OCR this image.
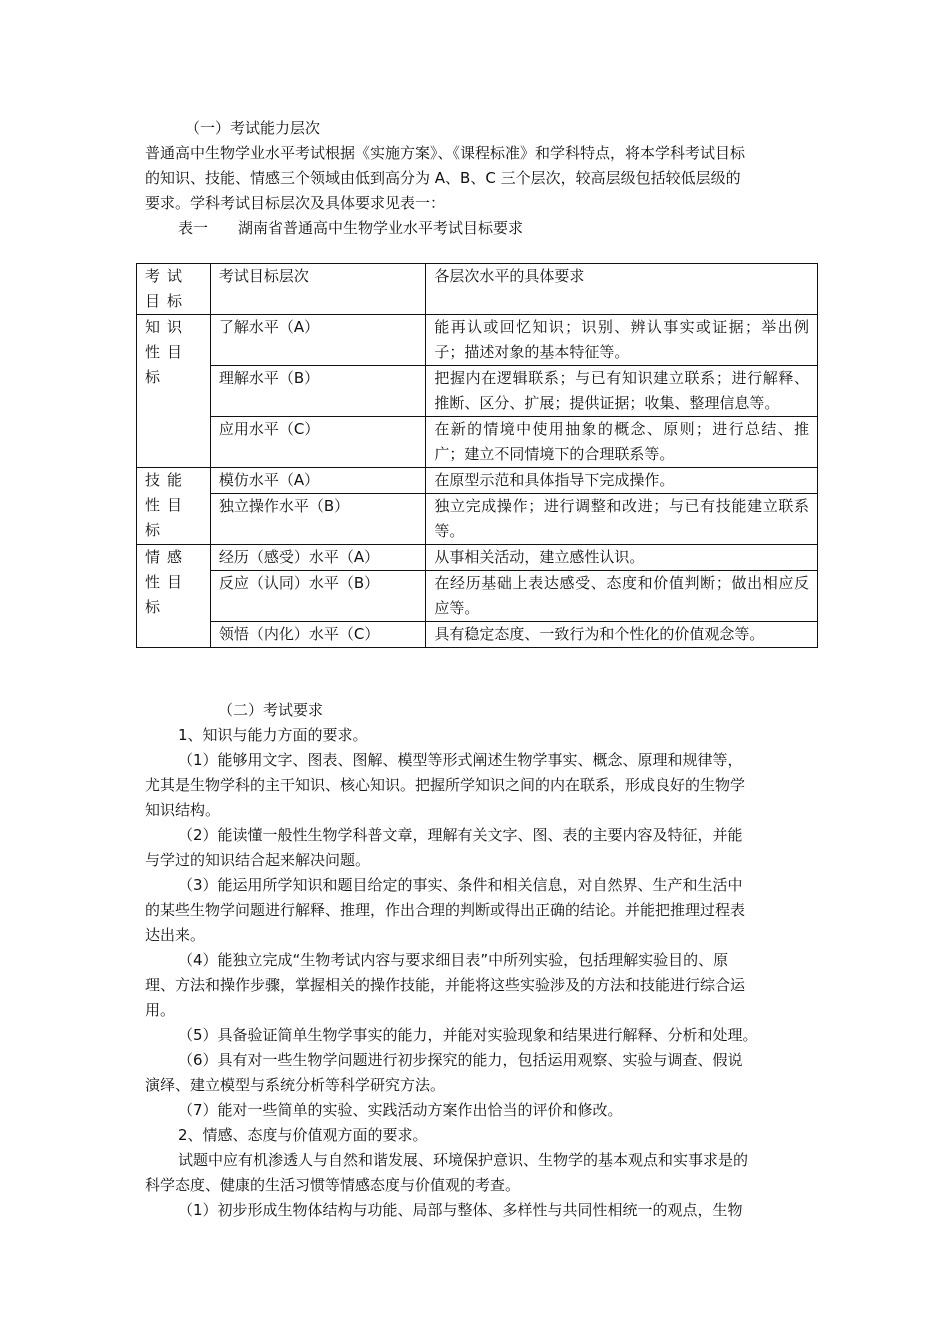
（一）考试能力层次
普通高中生物学业水平考试根据《实施方案》、《课程标准》和学科特点，将本学科考试目标
的知识、技能、情感三个领域由低到高分为 A、B、C 三个层次，较高层级包括较低层级的
要求。学科考试目标层次及具体要求见表一：
表一　　湖南省普通高中生物学业水平考试目标要求
考试目标	考试目标层次	各层次水平的具体要求
知识性目标	了解水平（A）	能再认或回忆知识；识别、辨认事实或证据；举出例子；描述对象的基本特征等。
	理解水平（B）	把握内在逻辑联系；与已有知识建立联系；进行解释、推断、区分、扩展；提供证据；收集、整理信息等。
	应用水平（C）	在新的情境中使用抽象的概念、原则；进行总结、推广；建立不同情境下的合理联系等。
技能性目标	模仿水平（A）	在原型示范和具体指导下完成操作。
	独立操作水平（B）	独立完成操作；进行调整和改进；与已有技能建立联系等。
情感性目标	经历（感受）水平（A）	从事相关活动，建立感性认识。
	反应（认同）水平（B）	在经历基础上表达感受、态度和价值判断；做出相应反应等。
	领悟（内化）水平（C）	具有稳定态度、一致行为和个性化的价值观念等。
（二）考试要求
1、知识与能力方面的要求。
（1）能够用文字、图表、图解、模型等形式阐述生物学事实、概念、原理和规律等，
尤其是生物学科的主干知识、核心知识。把握所学知识之间的内在联系，形成良好的生物学
知识结构。
（2）能读懂一般性生物学科普文章，理解有关文字、图、表的主要内容及特征，并能
与学过的知识结合起来解决问题。
（3）能运用所学知识和题目给定的事实、条件和相关信息，对自然界、生产和生活中
的某些生物学问题进行解释、推理，作出合理的判断或得出正确的结论。并能把推理过程表
达出来。
（4）能独立完成“生物考试内容与要求细目表”中所列实验，包括理解实验目的、原
理、方法和操作步骤，掌握相关的操作技能，并能将这些实验涉及的方法和技能进行综合运
用。
（5）具备验证简单生物学事实的能力，并能对实验现象和结果进行解释、分析和处理。
（6）具有对一些生物学问题进行初步探究的能力，包括运用观察、实验与调查、假说
演绎、建立模型与系统分析等科学研究方法。
（7）能对一些简单的实验、实践活动方案作出恰当的评价和修改。
2、情感、态度与价值观方面的要求。
试题中应有机渗透人与自然和谐发展、环境保护意识、生物学的基本观点和实事求是的
科学态度、健康的生活习惯等情感态度与价值观的考查。
（1）初步形成生物体结构与功能、局部与整体、多样性与共同性相统一的观点，生物
